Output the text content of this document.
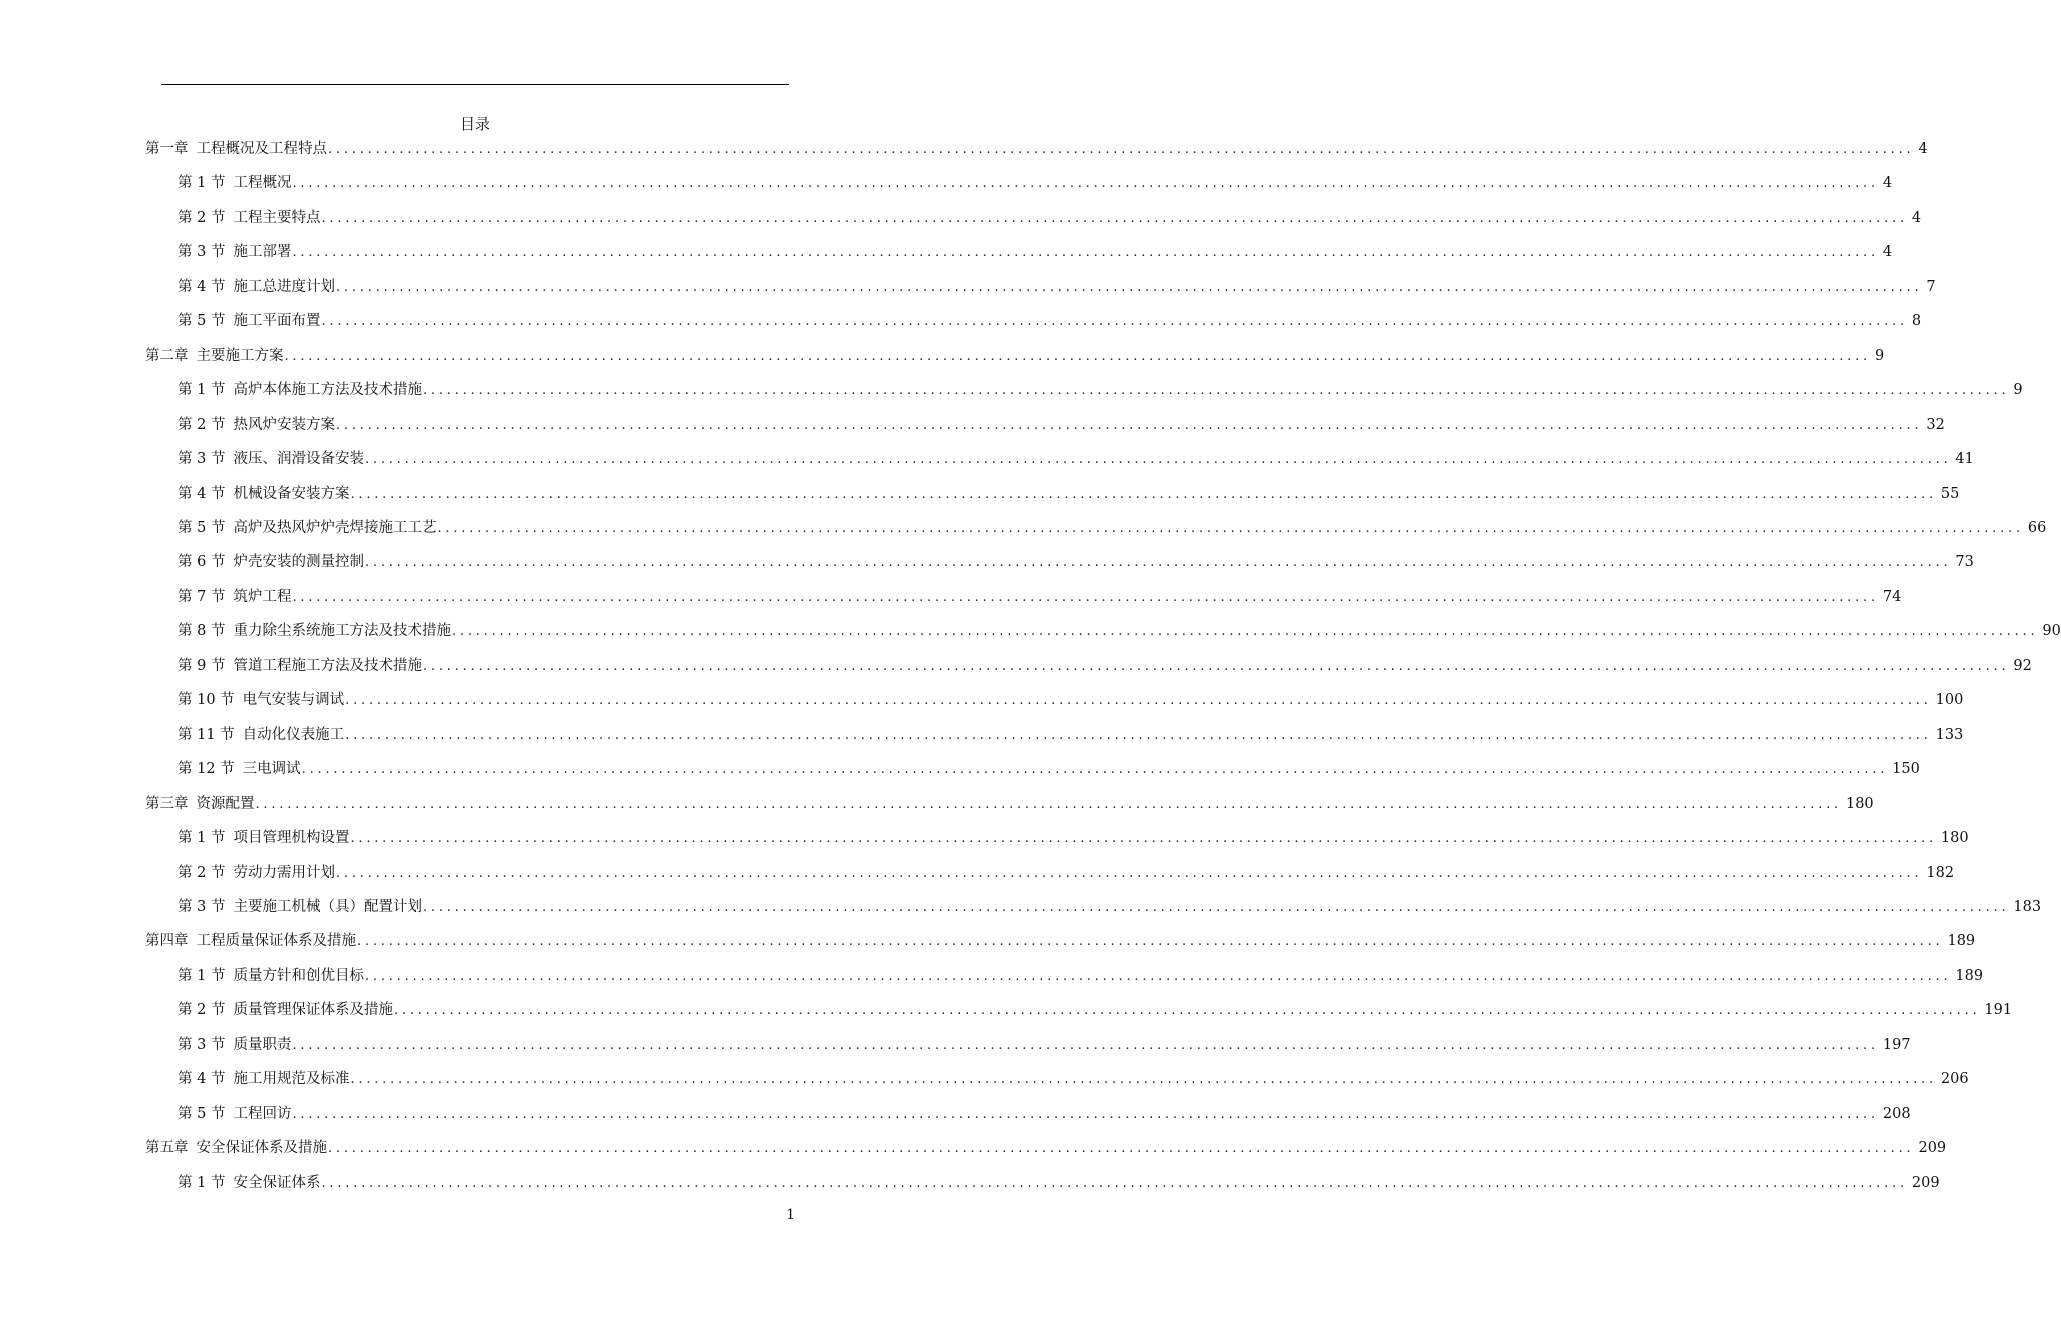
目录
第一章 工程概况及工程特点 ........................................................................................................................................................................................................ 4
第 1 节 工程概况 ........................................................................................................................................................................................................ 4
第 2 节 工程主要特点 ........................................................................................................................................................................................................ 4
第 3 节 施工部署 ........................................................................................................................................................................................................ 4
第 4 节 施工总进度计划 ........................................................................................................................................................................................................ 7
第 5 节 施工平面布置 ........................................................................................................................................................................................................ 8
第二章 主要施工方案 ........................................................................................................................................................................................................ 9
第 1 节 高炉本体施工方法及技术措施 ........................................................................................................................................................................................................ 9
第 2 节 热风炉安装方案 ........................................................................................................................................................................................................ 32
第 3 节 液压、润滑设备安装 ........................................................................................................................................................................................................ 41
第 4 节 机械设备安装方案 ........................................................................................................................................................................................................ 55
第 5 节 高炉及热风炉炉壳焊接施工工艺 ........................................................................................................................................................................................................ 66
第 6 节 炉壳安装的测量控制 ........................................................................................................................................................................................................ 73
第 7 节 筑炉工程 ........................................................................................................................................................................................................ 74
第 8 节 重力除尘系统施工方法及技术措施 ........................................................................................................................................................................................................ 90
第 9 节 管道工程施工方法及技术措施 ........................................................................................................................................................................................................ 92
第 10 节 电气安装与调试 ........................................................................................................................................................................................................ 100
第 11 节 自动化仪表施工 ........................................................................................................................................................................................................ 133
第 12 节 三电调试 ........................................................................................................................................................................................................ 150
第三章 资源配置 ........................................................................................................................................................................................................ 180
第 1 节 项目管理机构设置 ........................................................................................................................................................................................................ 180
第 2 节 劳动力需用计划 ........................................................................................................................................................................................................ 182
第 3 节 主要施工机械（具）配置计划 ........................................................................................................................................................................................................ 183
第四章 工程质量保证体系及措施 ........................................................................................................................................................................................................ 189
第 1 节 质量方针和创优目标 ........................................................................................................................................................................................................ 189
第 2 节 质量管理保证体系及措施 ........................................................................................................................................................................................................ 191
第 3 节 质量职责 ........................................................................................................................................................................................................ 197
第 4 节 施工用规范及标准 ........................................................................................................................................................................................................ 206
第 5 节 工程回访 ........................................................................................................................................................................................................ 208
第五章 安全保证体系及措施 ........................................................................................................................................................................................................ 209
第 1 节 安全保证体系 ........................................................................................................................................................................................................ 209
1
